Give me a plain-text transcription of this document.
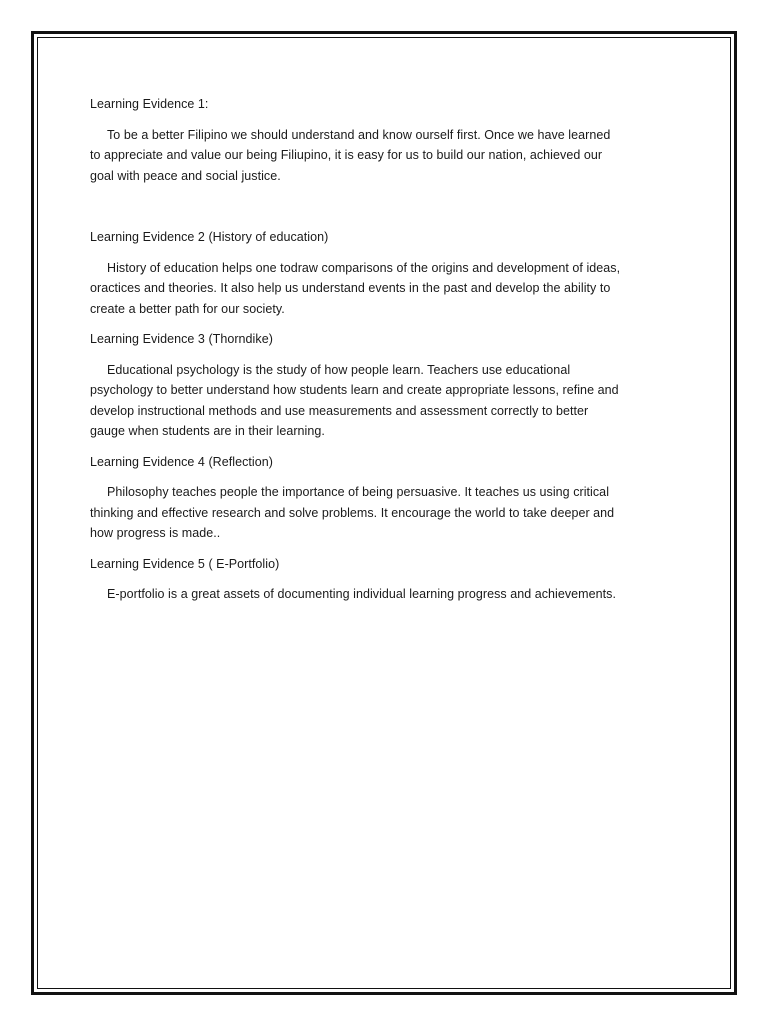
Learning Evidence 1:

To be a better Filipino we should understand and know ourself first. Once we have learned
to appreciate and value our being Filiupino, it is easy for us to build our nation, achieved our
goal with peace and social justice.

Learning Evidence 2 (History of education)

History of education helps one todraw comparisons of the origins and development of ideas,
oractices and theories. It also help us understand events in the past and develop the ability to
create a better path for our society.

Learning Evidence 3 (Thorndike)

Educational psychology is the study of how people learn. Teachers use educational
psychology to better understand how students learn and create appropriate lessons, refine and
develop instructional methods and use measurements and assessment correctly to better
gauge when students are in their learning.

Learning Evidence 4 (Reflection)

Philosophy teaches people the importance of being persuasive. It teaches us using critical
thinking and effective research and solve problems. It encourage the world to take deeper and
how progress is made..

Learning Evidence 5 ( E-Portfolio)

E-portfolio is a great assets of documenting individual learning progress and achievements.
